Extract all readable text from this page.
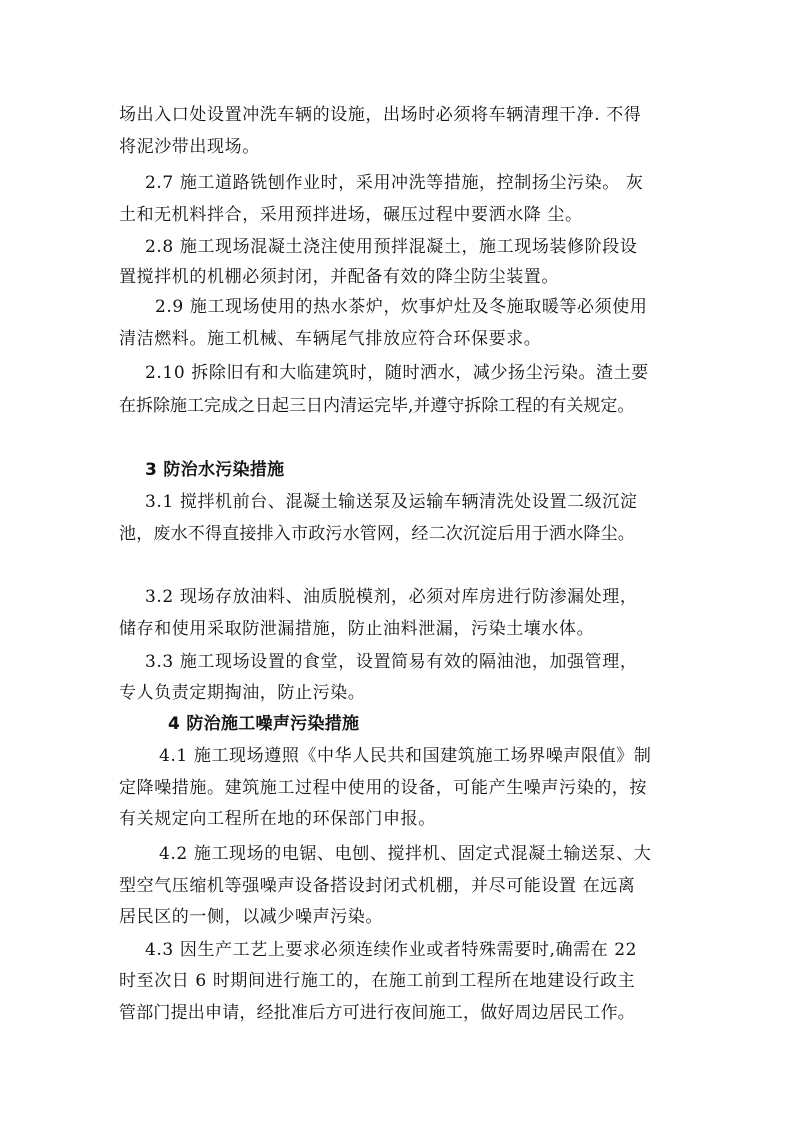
场出入口处设置冲洗车辆的设施，出场时必须将车辆清理干净. 不得
将泥沙带出现场。
2.7 施工道路铣刨作业时，采用冲洗等措施，控制扬尘污染。 灰
土和无机料拌合，采用预拌进场，碾压过程中要洒水降 尘。
2.8 施工现场混凝土浇注使用预拌混凝土，施工现场装修阶段设
置搅拌机的机棚必须封闭，并配备有效的降尘防尘装置。
2.9 施工现场使用的热水茶炉，炊事炉灶及冬施取暖等必须使用
清洁燃料。施工机械、车辆尾气排放应符合环保要求。
2.10 拆除旧有和大临建筑时，随时洒水，减少扬尘污染。渣土要
在拆除施工完成之日起三日内清运完毕,并遵守拆除工程的有关规定。
3 防治水污染措施
3.1 搅拌机前台、混凝土输送泵及运输车辆清洗处设置二级沉淀
池，废水不得直接排入市政污水管网，经二次沉淀后用于洒水降尘。
3.2 现场存放油料、油质脱模剂，必须对库房进行防渗漏处理，
储存和使用采取防泄漏措施，防止油料泄漏，污染土壤水体。
3.3 施工现场设置的食堂，设置简易有效的隔油池，加强管理，
专人负责定期掏油，防止污染。
4 防治施工噪声污染措施
4.1 施工现场遵照《中华人民共和国建筑施工场界噪声限值》制
定降噪措施。建筑施工过程中使用的设备，可能产生噪声污染的，按
有关规定向工程所在地的环保部门申报。
4.2 施工现场的电锯、电刨、搅拌机、固定式混凝土输送泵、大
型空气压缩机等强噪声设备搭设封闭式机棚，并尽可能设置 在远离
居民区的一侧，以减少噪声污染。
4.3 因生产工艺上要求必须连续作业或者特殊需要时,确需在 22
时至次日 6 时期间进行施工的，在施工前到工程所在地建设行政主
管部门提出申请，经批准后方可进行夜间施工，做好周边居民工作。
